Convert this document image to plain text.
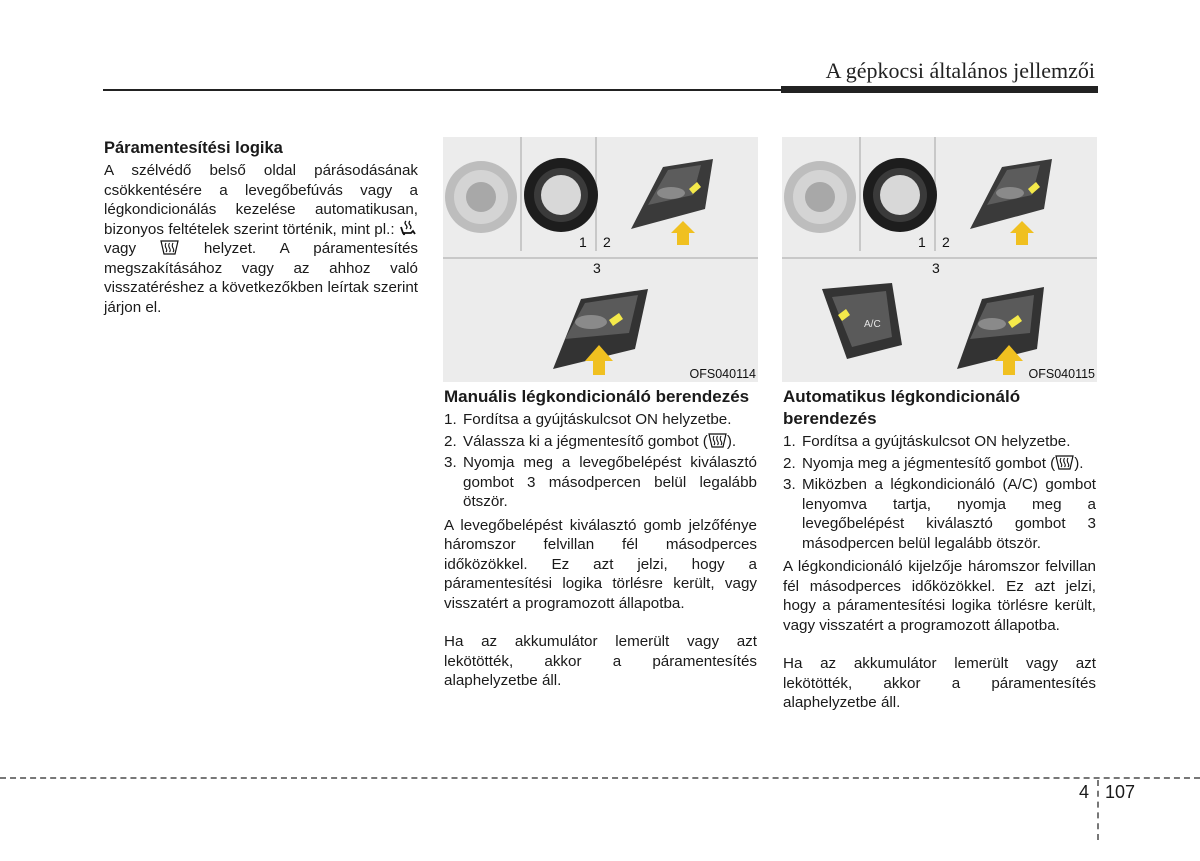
A gépkocsi általános jellemzői
Páramentesítési logika

A szélvédő belső oldal párásodásának csökkentésére a levegőbefúvás vagy a légkondicionálás kezelése automatikusan, bizonyos feltételek szerint történik, mint pl.:  vagy	helyzet. A páramentesítés megszakításához vagy az ahhoz való visszatéréshez a következőkben leírtak szerint járjon el.

1 2
3
OFS040114
A/C
1 2
3
OFS040115
Manuális légkondicionáló berendezés
1. Fordítsa a gyújtáskulcsot ON helyzetbe.
2. Válassza ki a jégmentesítő gombot ( ).
3. Nyomja meg a levegőbelépést kiválasztó gombot 3 másodpercen belül legalább ötször.

A levegőbelépést kiválasztó gomb jelzőfénye háromszor felvillan fél másodperces időközökkel. Ez azt jelzi, hogy a páramentesítési logika törlésre került, vagy visszatért a programozott állapotba.

Ha az akkumulátor lemerült vagy azt lekötötték, akkor a páramentesítés alaphelyzetbe áll.

Automatikus légkondicionáló berendezés
1. Fordítsa a gyújtáskulcsot ON helyzetbe.
2. Nyomja meg a jégmentesítő gombot ( ).
3. Miközben a légkondicionáló (A/C) gombot lenyomva tartja, nyomja meg a levegőbelépést kiválasztó gombot 3 másodpercen belül legalább ötször.

A légkondicionáló kijelzője háromszor felvillan fél másodperces időközökkel. Ez azt jelzi, hogy a páramentesítési logika törlésre került, vagy visszatért a programozott állapotba.

Ha az akkumulátor lemerült vagy azt lekötötték, akkor a páramentesítés alaphelyzetbe áll.

4 107
